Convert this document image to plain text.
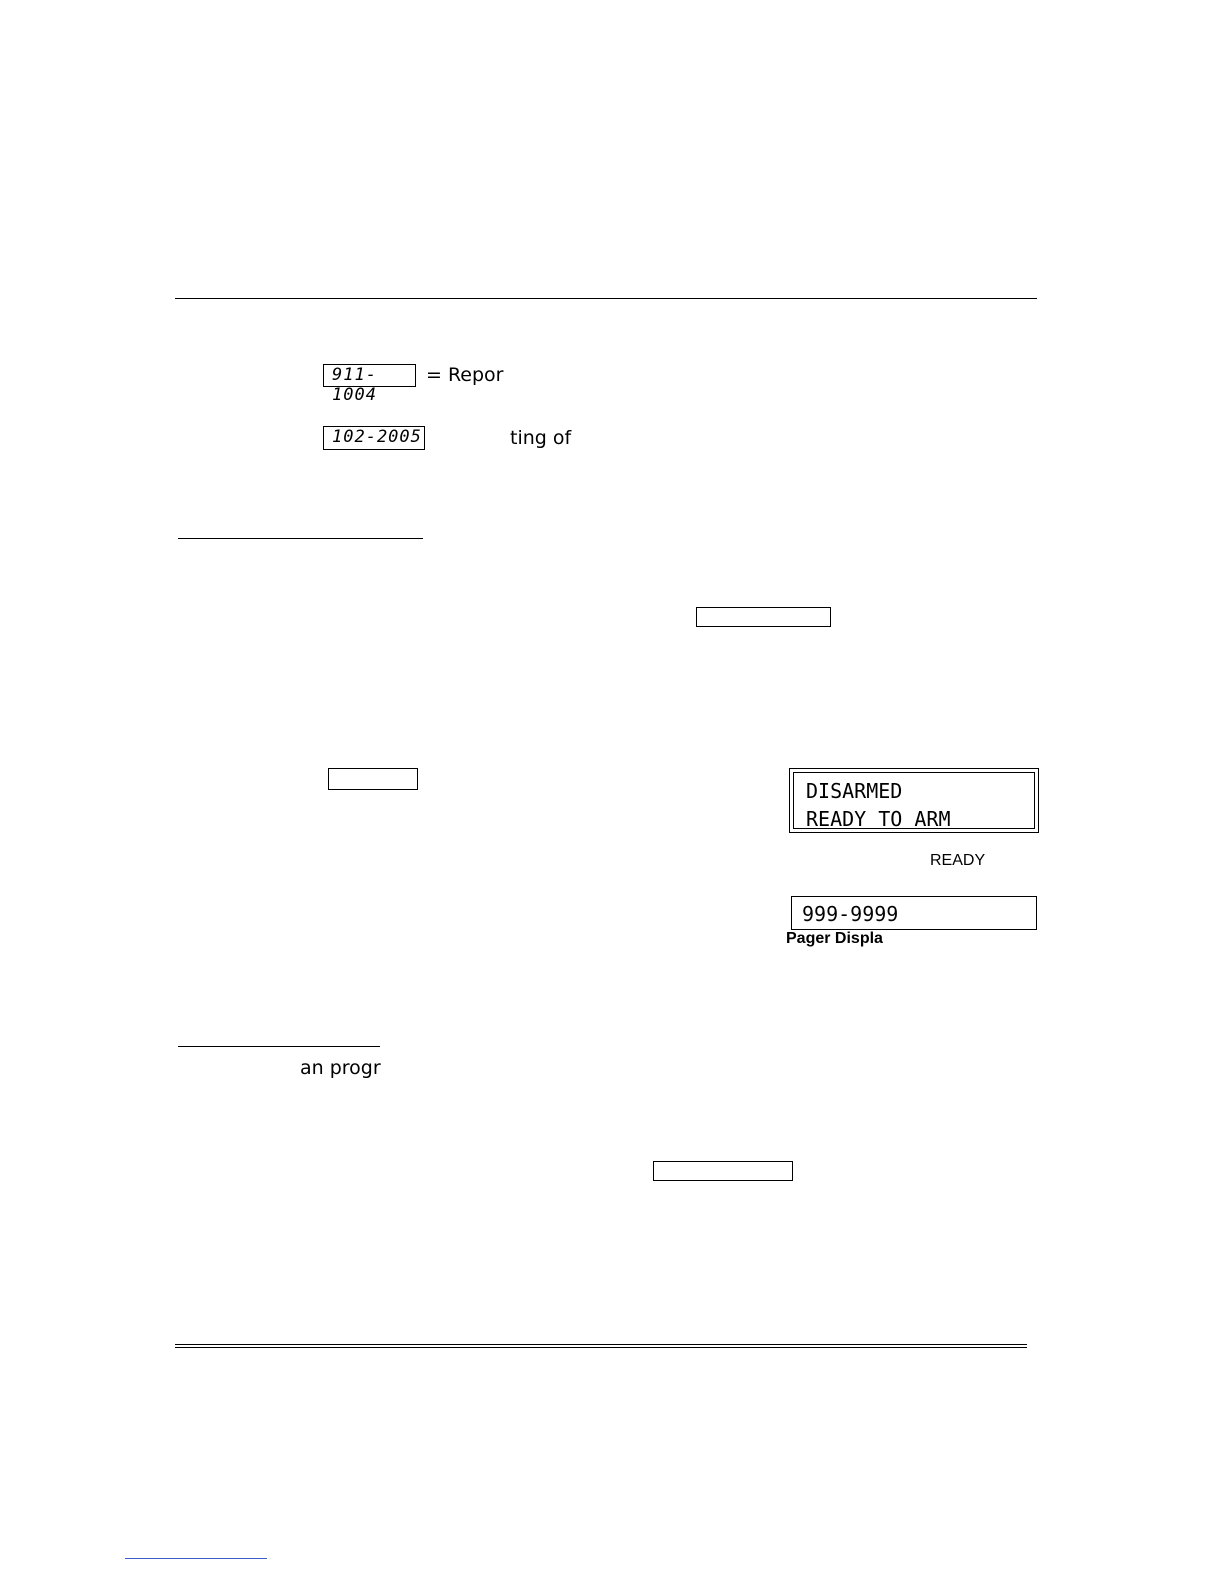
911-1004
= Repor
102-2005	ting of
DISARMED
READY TO ARM
READY
999-9999
Pager Displa
an progr
